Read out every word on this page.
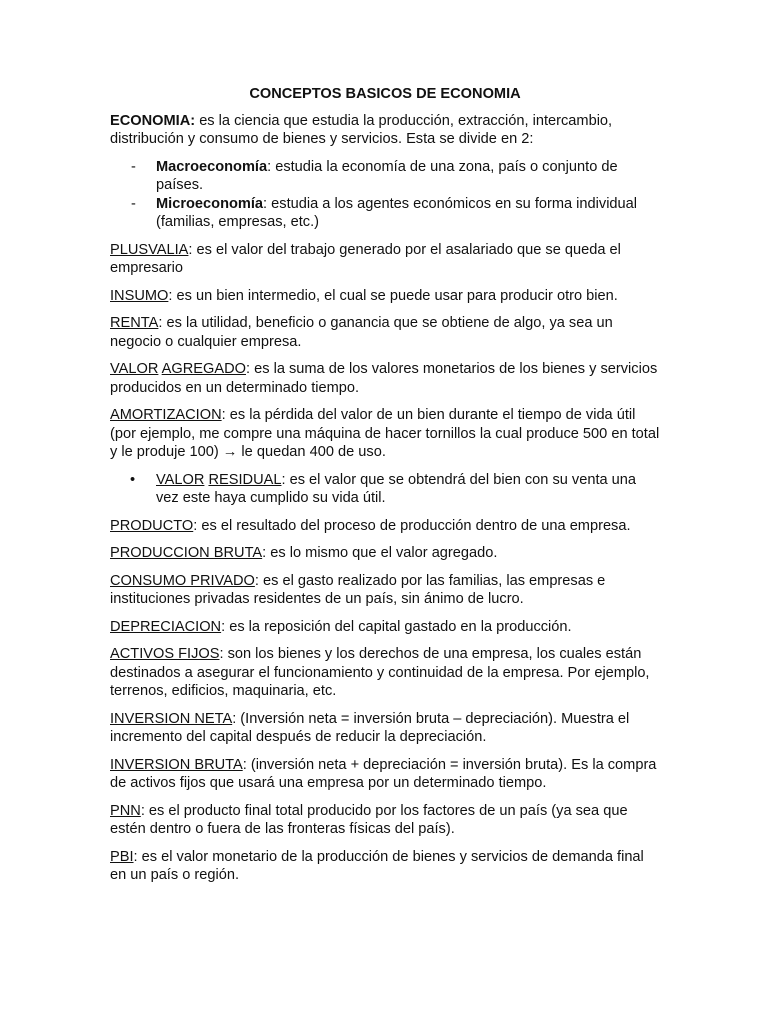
CONCEPTOS BASICOS DE ECONOMIA

ECONOMIA: es la ciencia que estudia la producción, extracción, intercambio, distribución y consumo de bienes y servicios. Esta se divide en 2:

-	Macroeconomía: estudia la economía de una zona, país o conjunto de países.
-	Microeconomía: estudia a los agentes económicos en su forma individual (familias, empresas, etc.)

PLUSVALIA: es el valor del trabajo generado por el asalariado que se queda el empresario

INSUMO: es un bien intermedio, el cual se puede usar para producir otro bien.

RENTA: es la utilidad, beneficio o ganancia que se obtiene de algo, ya sea un negocio o cualquier empresa.

VALOR AGREGADO: es la suma de los valores monetarios de los bienes y servicios producidos en un determinado tiempo.

AMORTIZACION: es la pérdida del valor de un bien durante el tiempo de vida útil (por ejemplo, me compre una máquina de hacer tornillos la cual produce 500 en total y le produje 100) → le quedan 400 de uso.

• VALOR RESIDUAL: es el valor que se obtendrá del bien con su venta una vez este haya cumplido su vida útil.

PRODUCTO: es el resultado del proceso de producción dentro de una empresa.

PRODUCCION BRUTA: es lo mismo que el valor agregado.

CONSUMO PRIVADO: es el gasto realizado por las familias, las empresas e instituciones privadas residentes de un país, sin ánimo de lucro.

DEPRECIACION: es la reposición del capital gastado en la producción.

ACTIVOS FIJOS: son los bienes y los derechos de una empresa, los cuales están destinados a asegurar el funcionamiento y continuidad de la empresa. Por ejemplo, terrenos, edificios, maquinaria, etc.

INVERSION NETA: (Inversión neta = inversión bruta – depreciación). Muestra el incremento del capital después de reducir la depreciación.

INVERSION BRUTA: (inversión neta + depreciación = inversión bruta). Es la compra de activos fijos que usará una empresa por un determinado tiempo.

PNN: es el producto final total producido por los factores de un país (ya sea que estén dentro o fuera de las fronteras físicas del país).

PBI: es el valor monetario de la producción de bienes y servicios de demanda final en un país o región.
